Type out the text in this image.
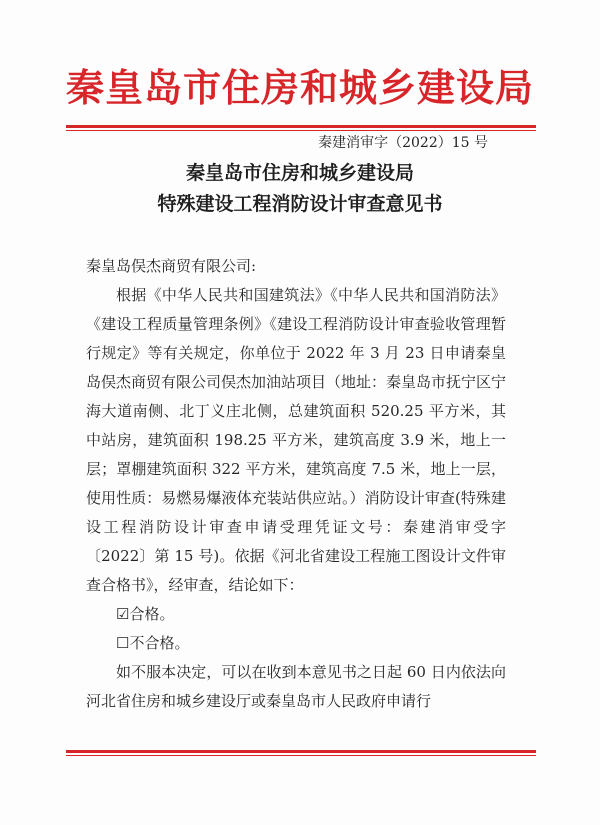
秦皇岛市住房和城乡建设局
秦建消审字（2022）15 号
秦皇岛市住房和城乡建设局
特殊建设工程消防设计审查意见书

秦皇岛俣杰商贸有限公司:

根据《中华人民共和国建筑法》《中华人民共和国消防法》《建设工程质量管理条例》《建设工程消防设计审查验收管理暂行规定》等有关规定，你单位于 2022 年 3 月 23 日申请秦皇岛俣杰商贸有限公司俣杰加油站项目（地址：秦皇岛市抚宁区宁海大道南侧、北丁义庄北侧，总建筑面积 520.25 平方米，其中站房，建筑面积 198.25 平方米，建筑高度 3.9 米，地上一层；罩棚建筑面积 322 平方米，建筑高度 7.5 米，地上一层，使用性质：易燃易爆液体充装站供应站。）消防设计审查(特殊建设工程消防设计审查申请受理凭证文号：秦建消审受字〔2022〕第 15 号)。依据《河北省建设工程施工图设计文件审查合格书》，经审查，结论如下：

☑合格。

☐不合格。

如不服本决定，可以在收到本意见书之日起 60 日内依法向河北省住房和城乡建设厅或秦皇岛市人民政府申请行
